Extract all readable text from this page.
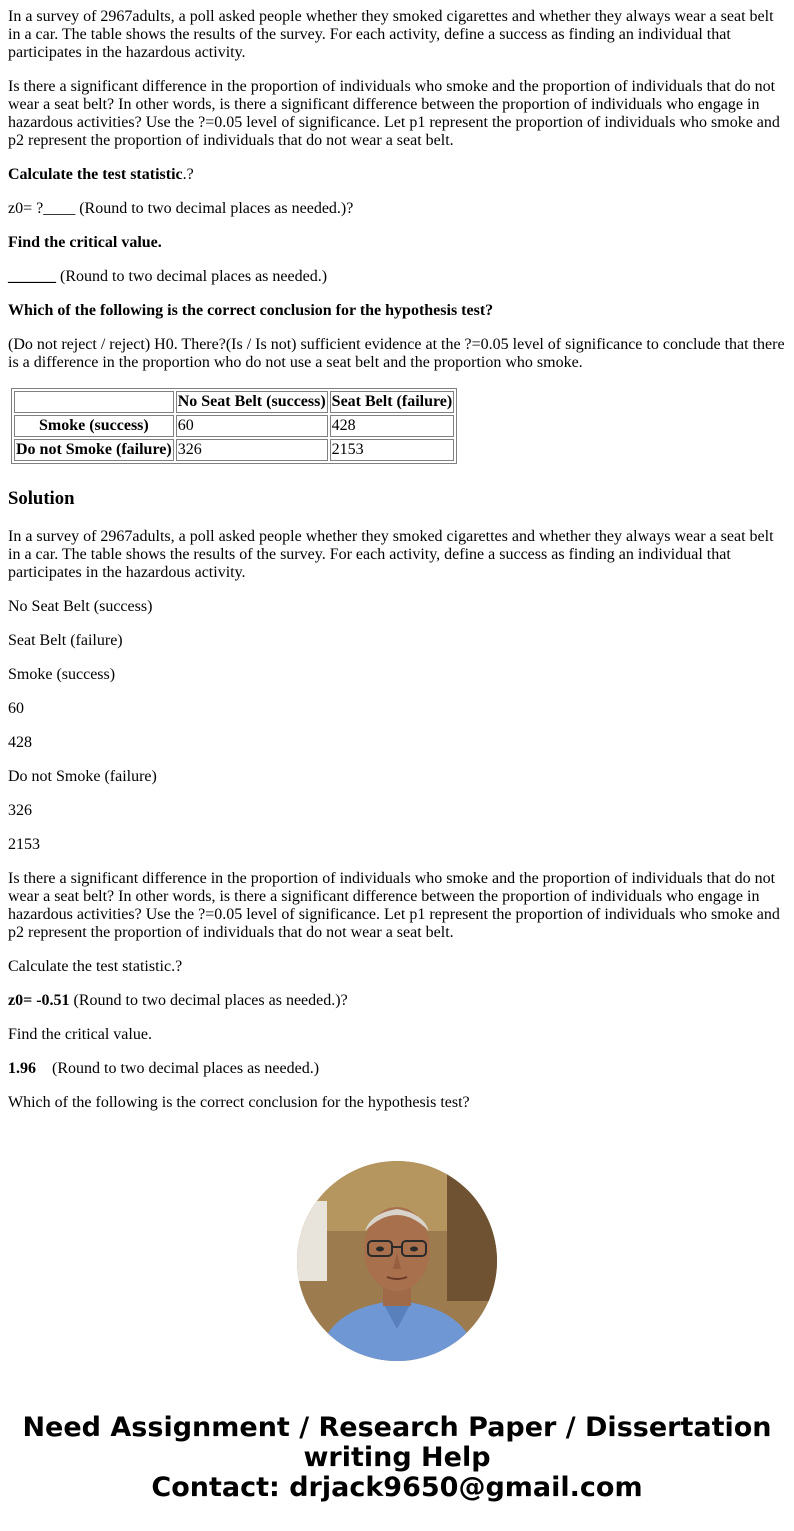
In a survey of 2967adults, a poll asked people whether they smoked cigarettes and whether they always wear a seat belt in a car. The table shows the results of the survey. For each activity, define a success as finding an individual that participates in the hazardous activity.

Is there a significant difference in the proportion of individuals who smoke and the proportion of individuals that do not wear a seat belt? In other words, is there a significant difference between the proportion of individuals who engage in hazardous activities? Use the ?=0.05 level of significance. Let p1 represent the proportion of individuals who smoke and p2 represent the proportion of individuals that do not wear a seat belt.

Calculate the test statistic.?

z0= ?____ (Round to two decimal places as needed.)?

Find the critical value.

______ (Round to two decimal places as needed.)

Which of the following is the correct conclusion for the hypothesis test?

(Do not reject / reject) H0. There?(Is / Is not) sufficient evidence at the ?=0.05 level of significance to conclude that there is a difference in the proportion who do not use a seat belt and the proportion who smoke.

	No Seat Belt (success)	Seat Belt (failure)
Smoke (success)	60	428
Do not Smoke (failure)	326	2153
Solution

In a survey of 2967adults, a poll asked people whether they smoked cigarettes and whether they always wear a seat belt in a car. The table shows the results of the survey. For each activity, define a success as finding an individual that participates in the hazardous activity.

No Seat Belt (success)

Seat Belt (failure)

Smoke (success)

60

428

Do not Smoke (failure)

326

2153

Is there a significant difference in the proportion of individuals who smoke and the proportion of individuals that do not wear a seat belt? In other words, is there a significant difference between the proportion of individuals who engage in hazardous activities? Use the ?=0.05 level of significance. Let p1 represent the proportion of individuals who smoke and p2 represent the proportion of individuals that do not wear a seat belt.

Calculate the test statistic.?

z0= -0.51 (Round to two decimal places as needed.)?

Find the critical value.

1.96 (Round to two decimal places as needed.)

Which of the following is the correct conclusion for the hypothesis test?

Need Assignment / Research Paper / Dissertation
writing Help
Contact: drjack9650@gmail.com
